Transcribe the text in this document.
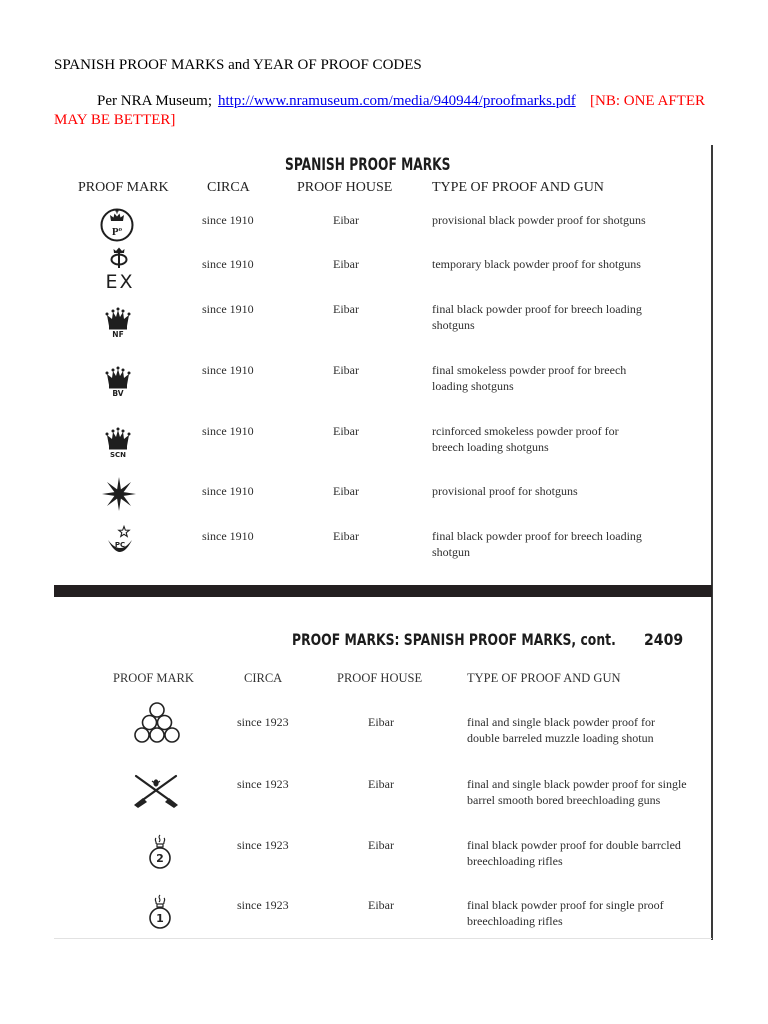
SPANISH PROOF MARKS and YEAR OF PROOF CODES
Per NRA Museum; http://www.nramuseum.com/media/940944/proofmarks.pdf [NB: ONE AFTER
MAY BE BETTER]
SPANISH PROOF MARKS
PROOF MARK	CIRCA	PROOF HOUSE	TYPE OF PROOF AND GUN
Pº
since 1910	Eibar	provisional black powder proof for shotguns
EX
since 1910	Eibar	temporary black powder proof for shotguns
NF
since 1910	Eibar	final black powder proof for breech loading
shotguns
BV
since 1910	Eibar	final smokeless powder proof for breech
loading shotguns
SCN
since 1910	Eibar	rcinforced smokeless powder proof for
breech loading shotguns
since 1910	Eibar	provisional proof for shotguns
PC
since 1910	Eibar	final black powder proof for breech loading
shotgun
PROOF MARKS: SPANISH PROOF MARKS, cont. 2409
PROOF MARK	CIRCA	PROOF HOUSE	TYPE OF PROOF AND GUN
since 1923	Eibar	final and single black powder proof for
double barreled muzzle loading shotun
since 1923	Eibar	final and single black powder proof for single
barrel smooth bored breechloading guns
2
since 1923	Eibar	final black powder proof for double barrcled
breechloading rifles
1
since 1923	Eibar	final black powder proof for single proof
breechloading rifles
